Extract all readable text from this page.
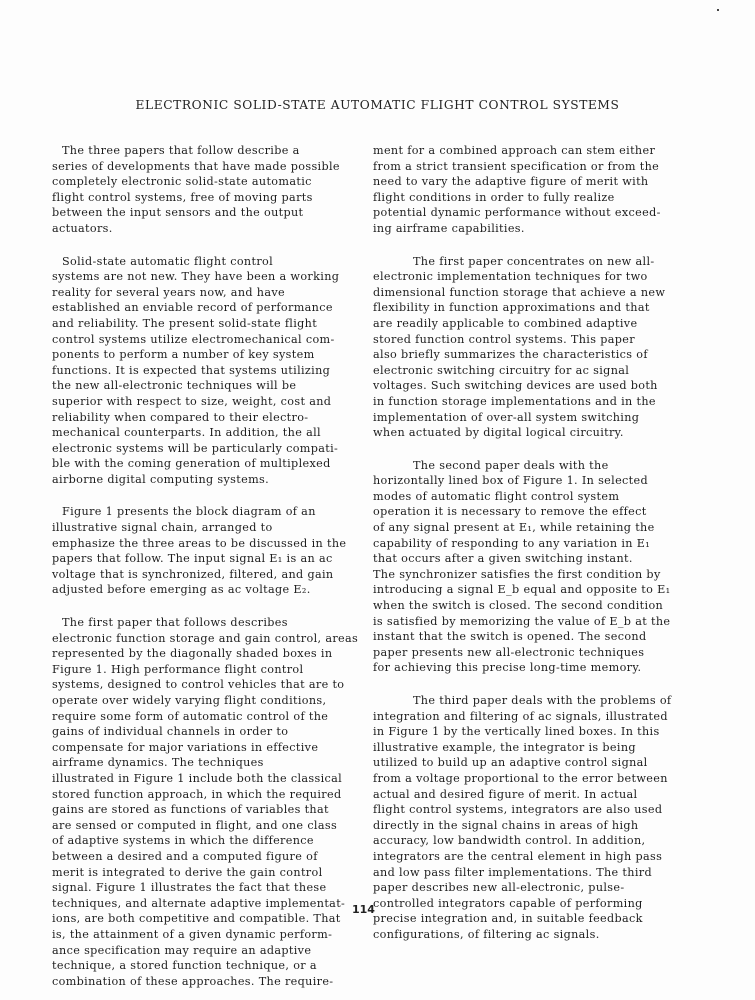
ELECTRONIC SOLID-STATE AUTOMATIC FLIGHT CONTROL SYSTEMS
The three papers that follow describe a
series of developments that have made possible
completely electronic solid-state automatic
flight control systems, free of moving parts
between the input sensors and the output
actuators.
Solid-state automatic flight control
systems are not new. They have been a working
reality for several years now, and have
established an enviable record of performance
and reliability. The present solid-state flight
control systems utilize electromechanical com-
ponents to perform a number of key system
functions. It is expected that systems utilizing
the new all-electronic techniques will be
superior with respect to size, weight, cost and
reliability when compared to their electro-
mechanical counterparts. In addition, the all
electronic systems will be particularly compati-
ble with the coming generation of multiplexed
airborne digital computing systems.
Figure 1 presents the block diagram of an
illustrative signal chain, arranged to
emphasize the three areas to be discussed in the
papers that follow. The input signal E₁ is an ac
voltage that is synchronized, filtered, and gain
adjusted before emerging as ac voltage E₂.
The first paper that follows describes
electronic function storage and gain control, areas
represented by the diagonally shaded boxes in
Figure 1. High performance flight control
systems, designed to control vehicles that are to
operate over widely varying flight conditions,
require some form of automatic control of the
gains of individual channels in order to
compensate for major variations in effective
airframe dynamics. The techniques
illustrated in Figure 1 include both the classical
stored function approach, in which the required
gains are stored as functions of variables that
are sensed or computed in flight, and one class
of adaptive systems in which the difference
between a desired and a computed figure of
merit is integrated to derive the gain control
signal. Figure 1 illustrates the fact that these
techniques, and alternate adaptive implementat-
ions, are both competitive and compatible. That
is, the attainment of a given dynamic perform-
ance specification may require an adaptive
technique, a stored function technique, or a
combination of these approaches. The require-
ment for a combined approach can stem either
from a strict transient specification or from the
need to vary the adaptive figure of merit with
flight conditions in order to fully realize
potential dynamic performance without exceed-
ing airframe capabilities.
The first paper concentrates on new all-
electronic implementation techniques for two
dimensional function storage that achieve a new
flexibility in function approximations and that
are readily applicable to combined adaptive
stored function control systems. This paper
also briefly summarizes the characteristics of
electronic switching circuitry for ac signal
voltages. Such switching devices are used both
in function storage implementations and in the
implementation of over-all system switching
when actuated by digital logical circuitry.
The second paper deals with the
horizontally lined box of Figure 1. In selected
modes of automatic flight control system
operation it is necessary to remove the effect
of any signal present at E₁, while retaining the
capability of responding to any variation in E₁
that occurs after a given switching instant.
The synchronizer satisfies the first condition by
introducing a signal E_b equal and opposite to E₁
when the switch is closed. The second condition
is satisfied by memorizing the value of E_b at the
instant that the switch is opened. The second
paper presents new all-electronic techniques
for achieving this precise long-time memory.
The third paper deals with the problems of
integration and filtering of ac signals, illustrated
in Figure 1 by the vertically lined boxes. In this
illustrative example, the integrator is being
utilized to build up an adaptive control signal
from a voltage proportional to the error between
actual and desired figure of merit. In actual
flight control systems, integrators are also used
directly in the signal chains in areas of high
accuracy, low bandwidth control. In addition,
integrators are the central element in high pass
and low pass filter implementations. The third
paper describes new all-electronic, pulse-
controlled integrators capable of performing
precise integration and, in suitable feedback
configurations, of filtering ac signals.
114
